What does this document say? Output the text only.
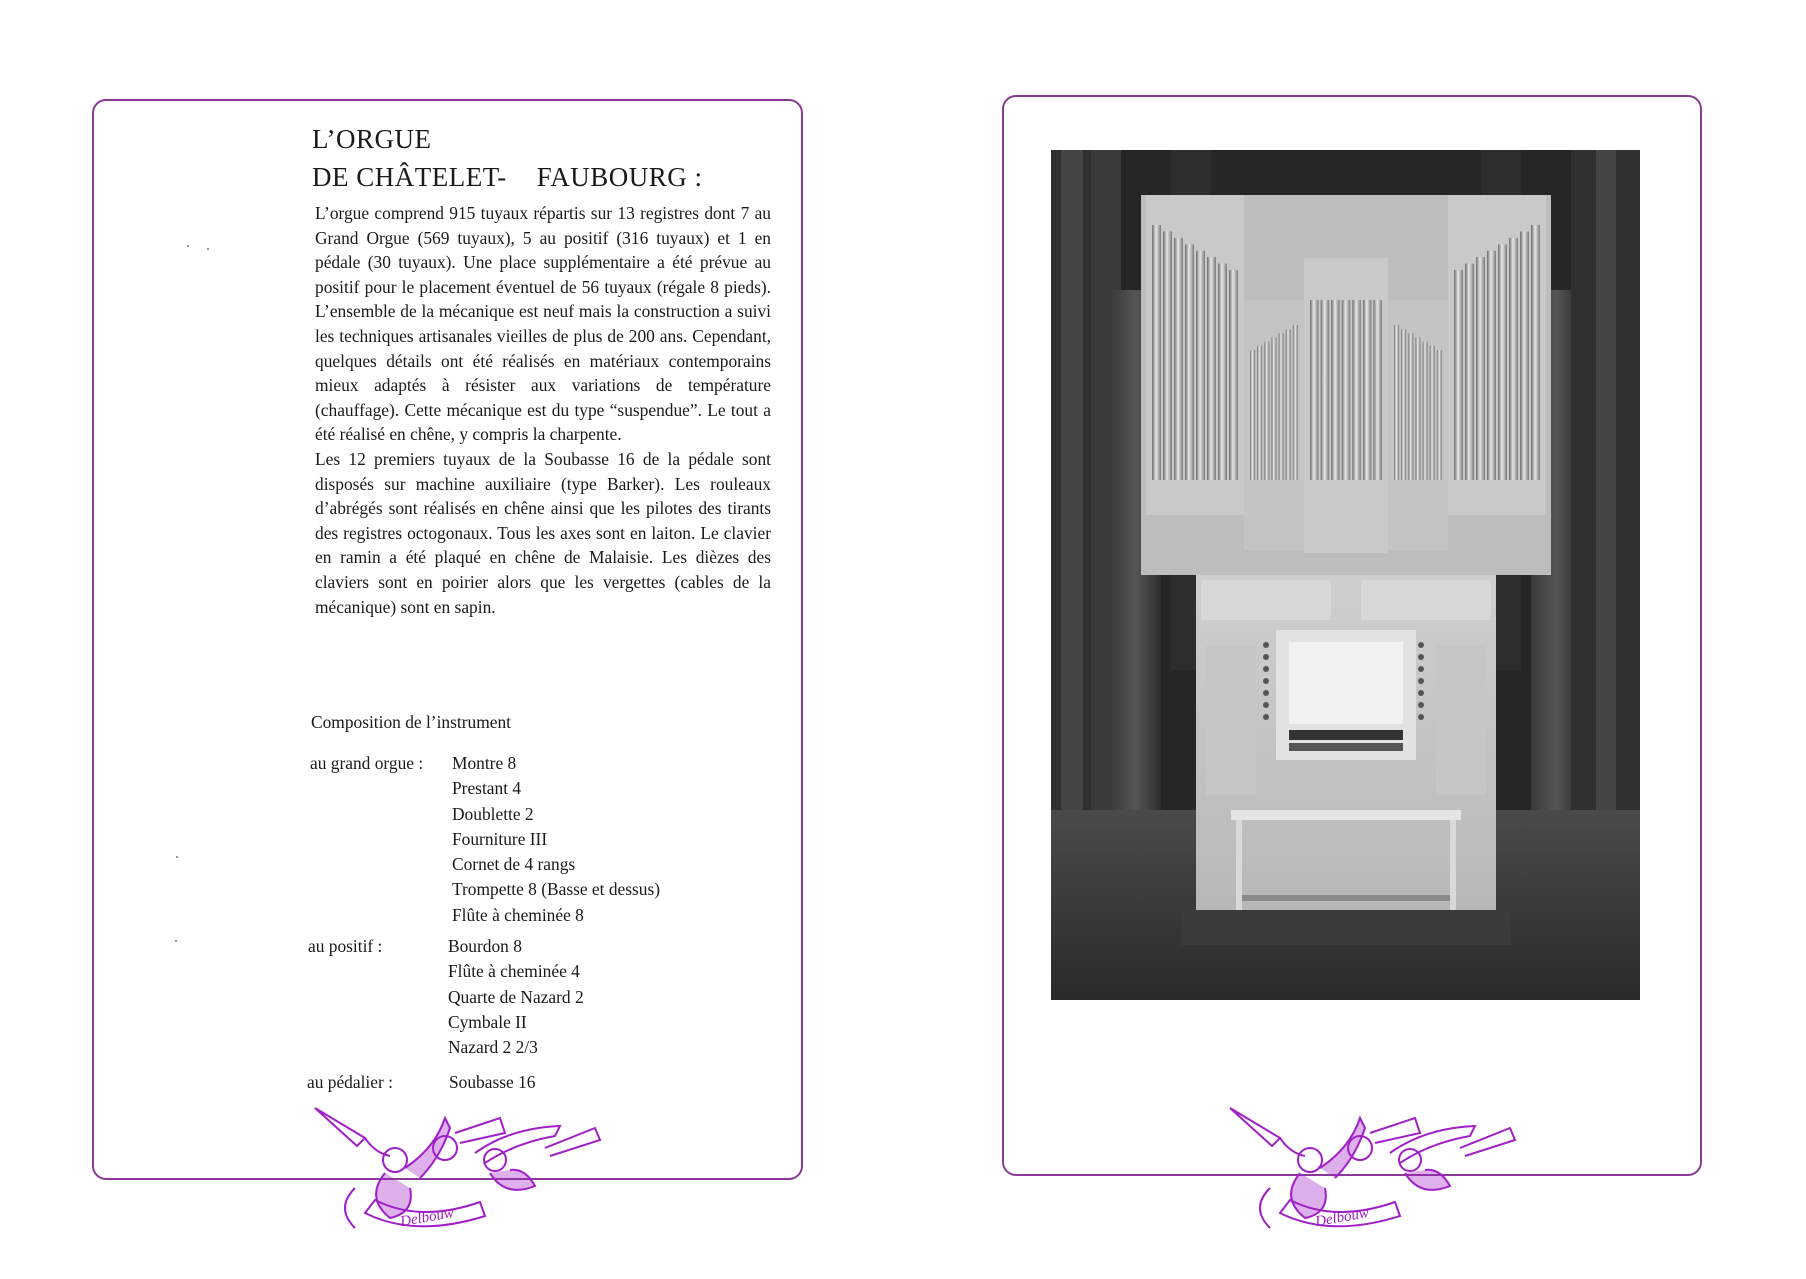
L’ORGUE
DE CHÂTELET- FAUBOURG :

L’orgue comprend 915 tuyaux répartis sur 13 registres dont 7 au Grand Orgue (569 tuyaux), 5 au positif (316 tuyaux) et 1 en pédale (30 tuyaux). Une place supplémentaire a été prévue au positif pour le placement éventuel de 56 tuyaux (régale 8 pieds). L’ensemble de la mécanique est neuf mais la construction a suivi les techniques artisanales vieilles de plus de 200 ans. Cependant, quelques détails ont été réalisés en matériaux contemporains mieux adaptés à résister aux variations de température (chauffage). Cette mécanique est du type “suspendue”. Le tout a été réalisé en chêne, y compris la charpente.

Les 12 premiers tuyaux de la Soubasse 16 de la pédale sont disposés sur machine auxiliaire (type Barker). Les rouleaux d’abrégés sont réalisés en chêne ainsi que les pilotes des tirants des registres octogonaux. Tous les axes sont en laiton. Le clavier en ramin a été plaqué en chêne de Malaisie. Les dièzes des claviers sont en poirier alors que les vergettes (cables de la mécanique) sont en sapin.

Composition de l’instrument
au grand orgue : Montre 8
Prestant 4
Doublette 2
Fourniture III
Cornet de 4 rangs
Trompette 8 (Basse et dessus)
Flûte à cheminée 8
au positif :	Bourdon 8
Flûte à cheminée 4
Quarte de Nazard 2
Cymbale II
Nazard 2 2/3
au pédalier :	Soubasse 16
Delbouw	Delbouw
